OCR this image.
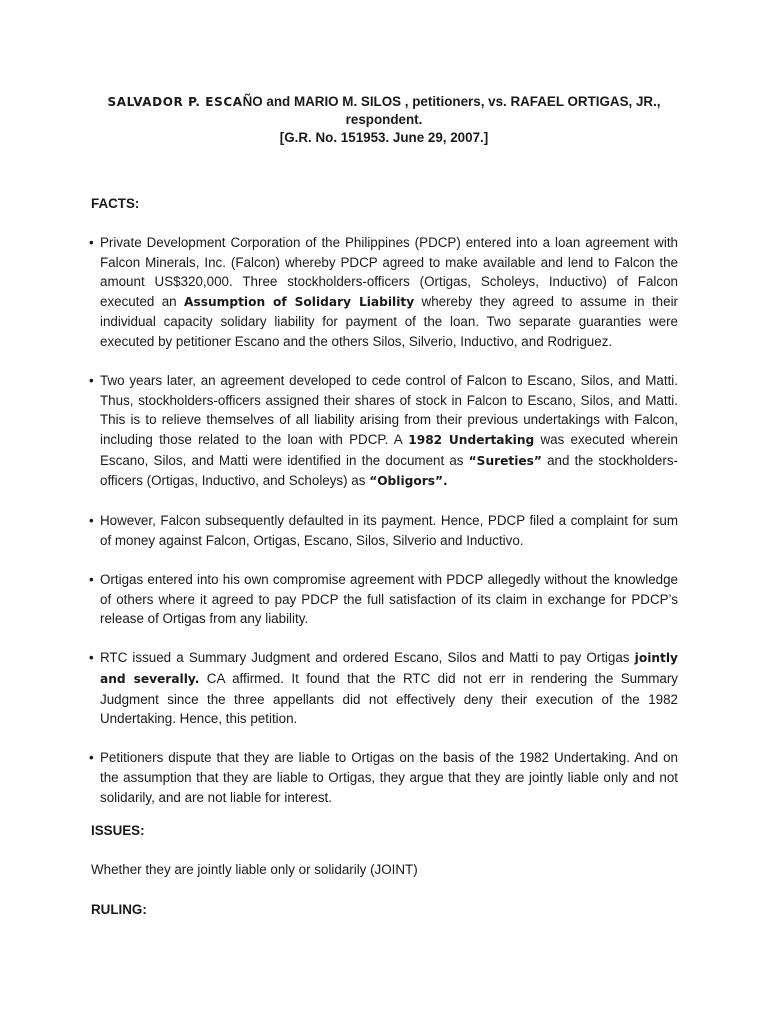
SALVADOR P. ESCAÑO and MARIO M. SILOS , petitioners, vs. RAFAEL ORTIGAS, JR.,
respondent.
[G.R. No. 151953. June 29, 2007.]
FACTS:
• Private Development Corporation of the Philippines (PDCP) entered into a loan agreement with Falcon Minerals, Inc. (Falcon) whereby PDCP agreed to make available and lend to Falcon the amount US$320,000. Three stockholders-officers (Ortigas, Scholeys, Inductivo) of Falcon executed an Assumption of Solidary Liability whereby they agreed to assume in their individual capacity solidary liability for payment of the loan. Two separate guaranties were executed by petitioner Escano and the others Silos, Silverio, Inductivo, and Rodriguez.
• Two years later, an agreement developed to cede control of Falcon to Escano, Silos, and Matti. Thus, stockholders-officers assigned their shares of stock in Falcon to Escano, Silos, and Matti. This is to relieve themselves of all liability arising from their previous undertakings with Falcon, including those related to the loan with PDCP. A 1982 Undertaking was executed wherein Escano, Silos, and Matti were identified in the document as “Sureties” and the stockholders-officers (Ortigas, Inductivo, and Scholeys) as “Obligors”.
• However, Falcon subsequently defaulted in its payment. Hence, PDCP filed a complaint for sum of money against Falcon, Ortigas, Escano, Silos, Silverio and Inductivo.
• Ortigas entered into his own compromise agreement with PDCP allegedly without the knowledge of others where it agreed to pay PDCP the full satisfaction of its claim in exchange for PDCP’s release of Ortigas from any liability.
• RTC issued a Summary Judgment and ordered Escano, Silos and Matti to pay Ortigas jointly and severally. CA affirmed. It found that the RTC did not err in rendering the Summary Judgment since the three appellants did not effectively deny their execution of the 1982 Undertaking. Hence, this petition.
• Petitioners dispute that they are liable to Ortigas on the basis of the 1982 Undertaking. And on the assumption that they are liable to Ortigas, they argue that they are jointly liable only and not solidarily, and are not liable for interest.
ISSUES:
Whether they are jointly liable only or solidarily (JOINT)
RULING:
